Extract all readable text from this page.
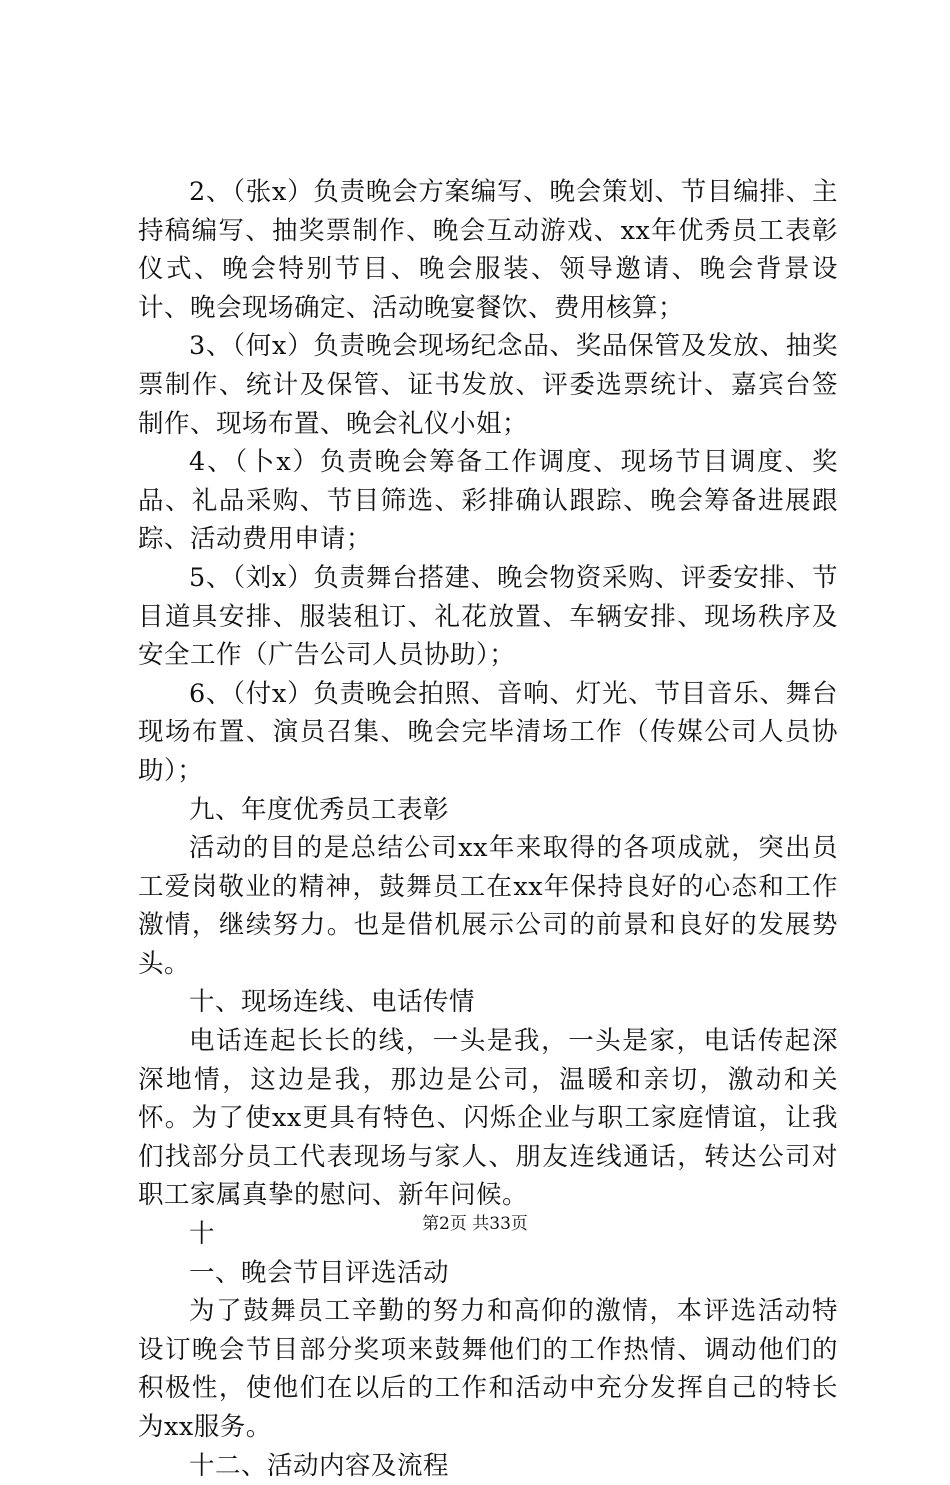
2、（张x）负责晚会方案编写、晚会策划、节目编排、主持稿编写、抽奖票制作、晚会互动游戏、xx年优秀员工表彰仪式、晚会特别节目、晚会服装、领导邀请、晚会背景设计、晚会现场确定、活动晚宴餐饮、费用核算；

3、（何x）负责晚会现场纪念品、奖品保管及发放、抽奖票制作、统计及保管、证书发放、评委选票统计、嘉宾台签制作、现场布置、晚会礼仪小姐；

4、（卜x）负责晚会筹备工作调度、现场节目调度、奖品、礼品采购、节目筛选、彩排确认跟踪、晚会筹备进展跟踪、活动费用申请；

5、（刘x）负责舞台搭建、晚会物资采购、评委安排、节目道具安排、服装租订、礼花放置、车辆安排、现场秩序及安全工作（广告公司人员协助）；

6、（付x）负责晚会拍照、音响、灯光、节目音乐、舞台现场布置、演员召集、晚会完毕清场工作（传媒公司人员协助）；

九、年度优秀员工表彰

活动的目的是总结公司xx年来取得的各项成就，突出员工爱岗敬业的精神，鼓舞员工在xx年保持良好的心态和工作激情，继续努力。也是借机展示公司的前景和良好的发展势头。

十、现场连线、电话传情

电话连起长长的线，一头是我，一头是家，电话传起深深地情，这边是我，那边是公司，温暖和亲切，激动和关怀。为了使xx更具有特色、闪烁企业与职工家庭情谊，让我们找部分员工代表现场与家人、朋友连线通话，转达公司对职工家属真挚的慰问、新年问候。

十

一、晚会节目评选活动

为了鼓舞员工辛勤的努力和高仰的激情，本评选活动特设订晚会节目部分奖项来鼓舞他们的工作热情、调动他们的积极性，使他们在以后的工作和活动中充分发挥自己的特长为xx服务。

十二、活动内容及流程

第2页 共33页
